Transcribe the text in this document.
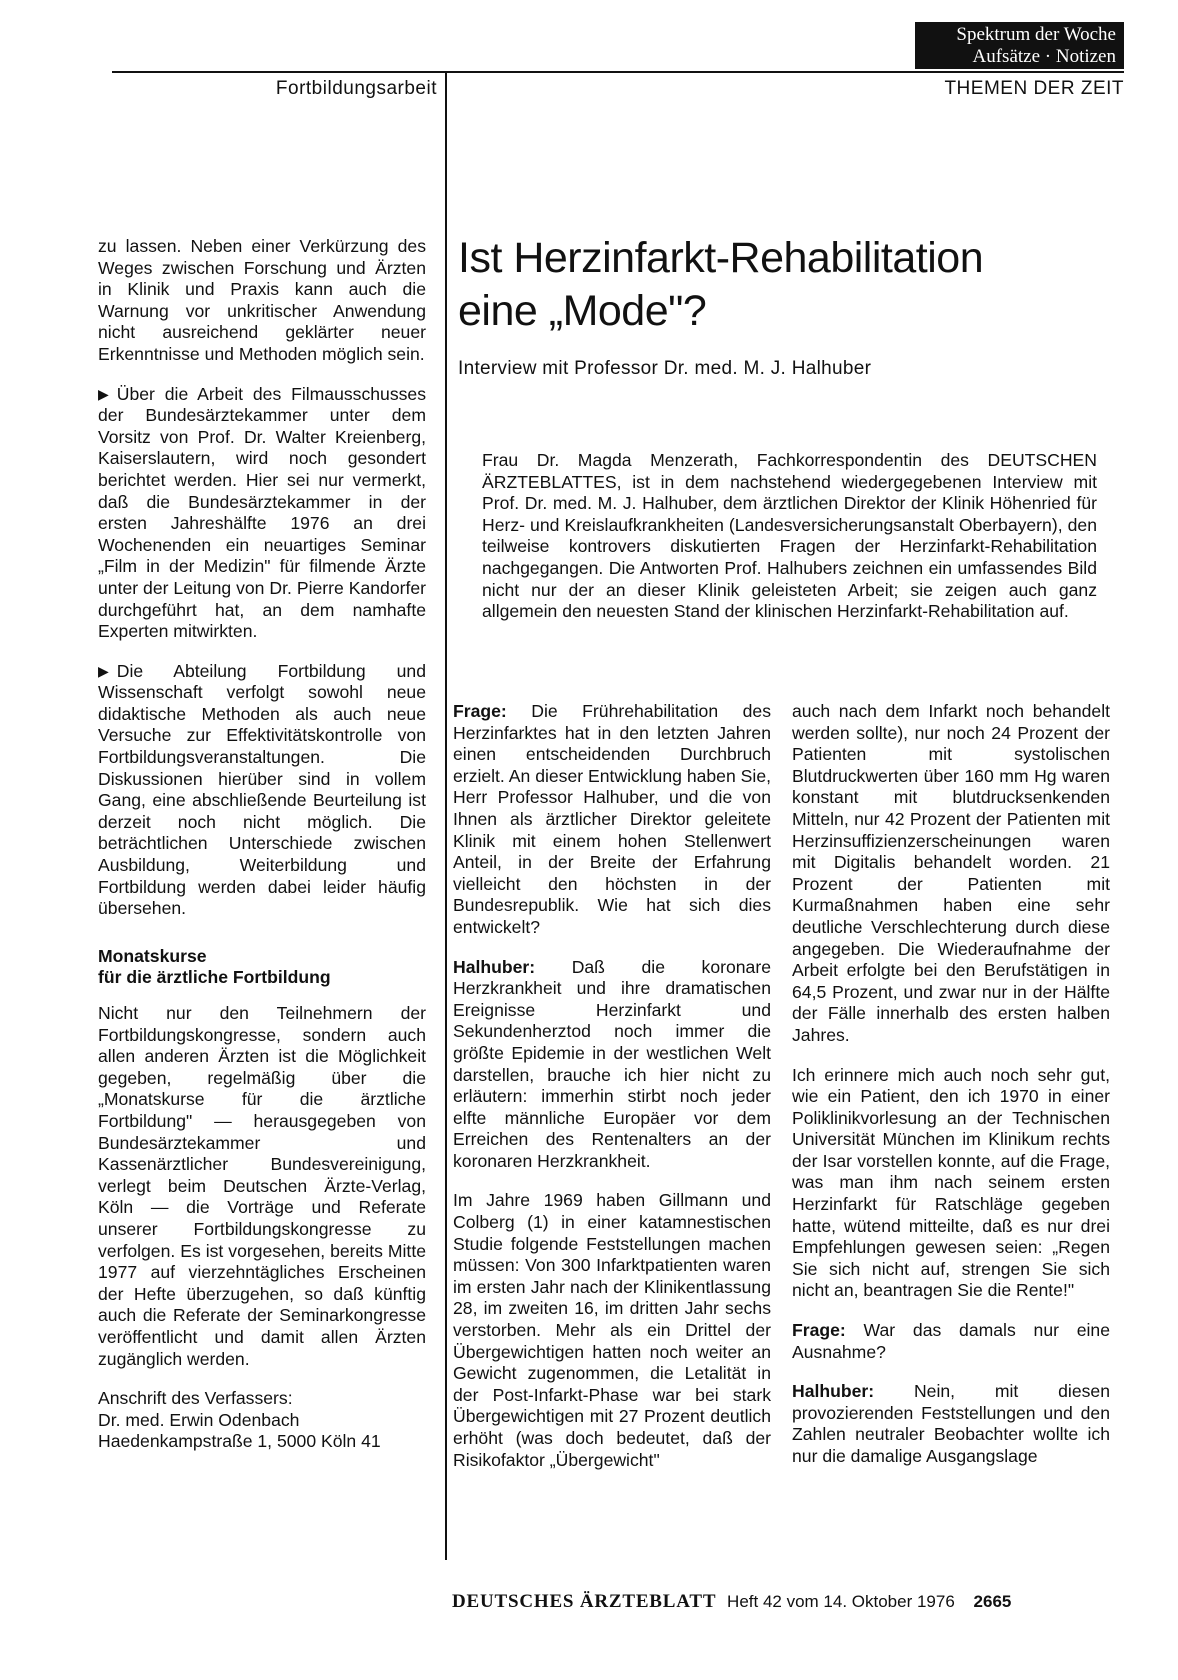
Spektrum der Woche
Aufsätze · Notizen
Fortbildungsarbeit	THEMEN DER ZEIT

zu lassen. Neben einer Verkürzung des Weges zwischen Forschung und Ärzten in Klinik und Praxis kann auch die Warnung vor unkritischer Anwendung nicht ausreichend geklärter neuer Erkenntnisse und Methoden möglich sein.

▶ Über die Arbeit des Filmausschusses der Bundesärztekammer unter dem Vorsitz von Prof. Dr. Walter Kreienberg, Kaiserslautern, wird noch gesondert berichtet werden. Hier sei nur vermerkt, daß die Bundesärztekammer in der ersten Jahreshälfte 1976 an drei Wochenenden ein neuartiges Seminar „Film in der Medizin" für filmende Ärzte unter der Leitung von Dr. Pierre Kandorfer durchgeführt hat, an dem namhafte Experten mitwirkten.

▶ Die Abteilung Fortbildung und Wissenschaft verfolgt sowohl neue didaktische Methoden als auch neue Versuche zur Effektivitätskontrolle von Fortbildungsveranstaltungen. Die Diskussionen hierüber sind in vollem Gang, eine abschließende Beurteilung ist derzeit noch nicht möglich. Die beträchtlichen Unterschiede zwischen Ausbildung, Weiterbildung und Fortbildung werden dabei leider häufig übersehen.

Monatskurse
für die ärztliche Fortbildung

Nicht nur den Teilnehmern der Fortbildungskongresse, sondern auch allen anderen Ärzten ist die Möglichkeit gegeben, regelmäßig über die „Monatskurse für die ärztliche Fortbildung" — herausgegeben von Bundesärztekammer und Kassenärztlicher Bundesvereinigung, verlegt beim Deutschen Ärzte-Verlag, Köln — die Vorträge und Referate unserer Fortbildungskongresse zu verfolgen. Es ist vorgesehen, bereits Mitte 1977 auf vierzehntägliches Erscheinen der Hefte überzugehen, so daß künftig auch die Referate der Seminarkongresse veröffentlicht und damit allen Ärzten zugänglich werden.

Anschrift des Verfassers:
Dr. med. Erwin Odenbach
Haedenkampstraße 1, 5000 Köln 41
Ist Herzinfarkt-Rehabilitation
eine „Mode"?
Interview mit Professor Dr. med. M. J. Halhuber
Frau Dr. Magda Menzerath, Fachkorrespondentin des DEUTSCHEN ÄRZTEBLATTES, ist in dem nachstehend wiedergegebenen Interview mit Prof. Dr. med. M. J. Halhuber, dem ärztlichen Direktor der Klinik Höhenried für Herz- und Kreislaufkrankheiten (Landesversicherungsanstalt Oberbayern), den teilweise kontrovers diskutierten Fragen der Herzinfarkt-Rehabilitation nachgegangen. Die Antworten Prof. Halhubers zeichnen ein umfassendes Bild nicht nur der an dieser Klinik geleisteten Arbeit; sie zeigen auch ganz allgemein den neuesten Stand der klinischen Herzinfarkt-Rehabilitation auf.

Frage: Die Frührehabilitation des Herzinfarktes hat in den letzten Jahren einen entscheidenden Durchbruch erzielt. An dieser Entwicklung haben Sie, Herr Professor Halhuber, und die von Ihnen als ärztlicher Direktor geleitete Klinik mit einem hohen Stellenwert Anteil, in der Breite der Erfahrung vielleicht den höchsten in der Bundesrepublik. Wie hat sich dies entwickelt?

Halhuber: Daß die koronare Herzkrankheit und ihre dramatischen Ereignisse Herzinfarkt und Sekundenherztod noch immer die größte Epidemie in der westlichen Welt darstellen, brauche ich hier nicht zu erläutern: immerhin stirbt noch jeder elfte männliche Europäer vor dem Erreichen des Rentenalters an der koronaren Herzkrankheit.

Im Jahre 1969 haben Gillmann und Colberg (1) in einer katamnestischen Studie folgende Feststellungen machen müssen: Von 300 Infarktpatienten waren im ersten Jahr nach der Klinikentlassung 28, im zweiten 16, im dritten Jahr sechs verstorben. Mehr als ein Drittel der Übergewichtigen hatten noch weiter an Gewicht zugenommen, die Letalität in der Post-Infarkt-Phase war bei stark Übergewichtigen mit 27 Prozent deutlich erhöht (was doch bedeutet, daß der Risikofaktor „Übergewicht"

auch nach dem Infarkt noch behandelt werden sollte), nur noch 24 Prozent der Patienten mit systolischen Blutdruckwerten über 160 mm Hg waren konstant mit blutdrucksenkenden Mitteln, nur 42 Prozent der Patienten mit Herzinsuffizienzerscheinungen waren mit Digitalis behandelt worden. 21 Prozent der Patienten mit Kurmaßnahmen haben eine sehr deutliche Verschlechterung durch diese angegeben. Die Wiederaufnahme der Arbeit erfolgte bei den Berufstätigen in 64,5 Prozent, und zwar nur in der Hälfte der Fälle innerhalb des ersten halben Jahres.

Ich erinnere mich auch noch sehr gut, wie ein Patient, den ich 1970 in einer Poliklinikvorlesung an der Technischen Universität München im Klinikum rechts der Isar vorstellen konnte, auf die Frage, was man ihm nach seinem ersten Herzinfarkt für Ratschläge gegeben hatte, wütend mitteilte, daß es nur drei Empfehlungen gewesen seien: „Regen Sie sich nicht auf, strengen Sie sich nicht an, beantragen Sie die Rente!"

Frage: War das damals nur eine Ausnahme?

Halhuber: Nein, mit diesen provozierenden Feststellungen und den Zahlen neutraler Beobachter wollte ich nur die damalige Ausgangslage

DEUTSCHES ÄRZTEBLATT Heft 42 vom 14. Oktober 1976 2665
